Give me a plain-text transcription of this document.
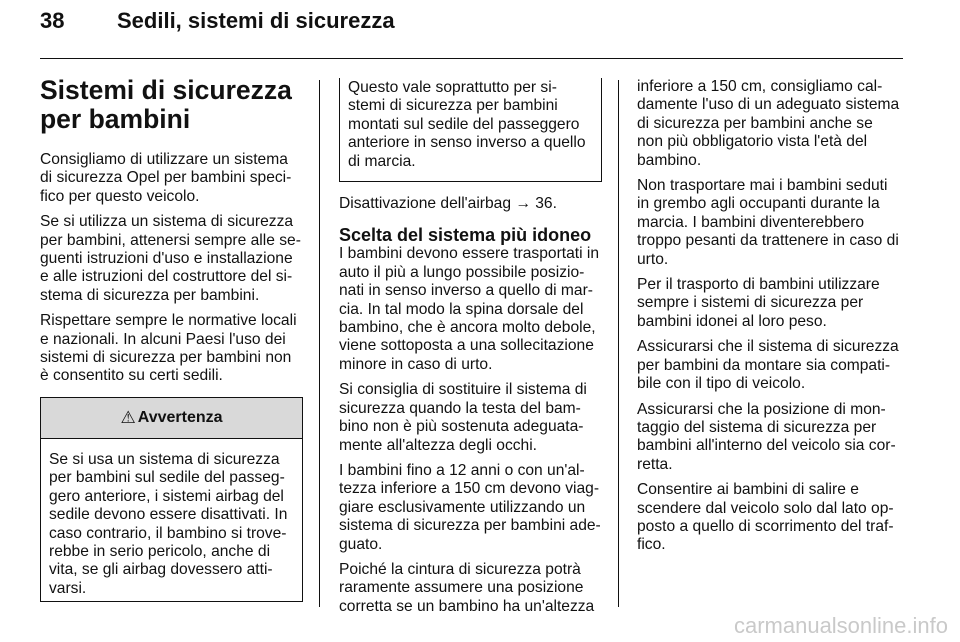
38 Sedili, sistemi di sicurezza
Sistemi di sicurezza per bambini

Consigliamo di utilizzare un sistema di sicurezza Opel per bambini speci-fico per questo veicolo.

Se si utilizza un sistema di sicurezza per bambini, attenersi sempre alle se-guenti istruzioni d'uso e installazione e alle istruzioni del costruttore del si-stema di sicurezza per bambini.

Rispettare sempre le normative locali e nazionali. In alcuni Paesi l'uso dei sistemi di sicurezza per bambini non è consentito su certi sedili.

⚠ Avvertenza
Se si usa un sistema di sicurezza per bambini sul sedile del passeg-gero anteriore, i sistemi airbag del sedile devono essere disattivati. In caso contrario, il bambino si trove-rebbe in serio pericolo, anche di vita, se gli airbag dovessero atti-varsi.
Questo vale soprattutto per si-stemi di sicurezza per bambini montati sul sedile del passeggero anteriore in senso inverso a quello di marcia.

Disattivazione dell'airbag → 36.

Scelta del sistema più idoneo

I bambini devono essere trasportati in auto il più a lungo possibile posizio-nati in senso inverso a quello di mar-cia. In tal modo la spina dorsale del bambino, che è ancora molto debole, viene sottoposta a una sollecitazione minore in caso di urto.

Si consiglia di sostituire il sistema di sicurezza quando la testa del bam-bino non è più sostenuta adeguata-mente all'altezza degli occhi.

I bambini fino a 12 anni o con un'al-tezza inferiore a 150 cm devono viag-giare esclusivamente utilizzando un sistema di sicurezza per bambini ade-guato.

Poiché la cintura di sicurezza potrà raramente assumere una posizione corretta se un bambino ha un'altezza

inferiore a 150 cm, consigliamo cal-damente l'uso di un adeguato sistema di sicurezza per bambini anche se non più obbligatorio vista l'età del bambino.

Non trasportare mai i bambini seduti in grembo agli occupanti durante la marcia. I bambini diventerebbero troppo pesanti da trattenere in caso di urto.

Per il trasporto di bambini utilizzare sempre i sistemi di sicurezza per bambini idonei al loro peso.

Assicurarsi che il sistema di sicurezza per bambini da montare sia compati-bile con il tipo di veicolo.

Assicurarsi che la posizione di mon-taggio del sistema di sicurezza per bambini all'interno del veicolo sia cor-retta.

Consentire ai bambini di salire e scendere dal veicolo solo dal lato op-posto a quello di scorrimento del traf-fico.

carmanualsonline.info
